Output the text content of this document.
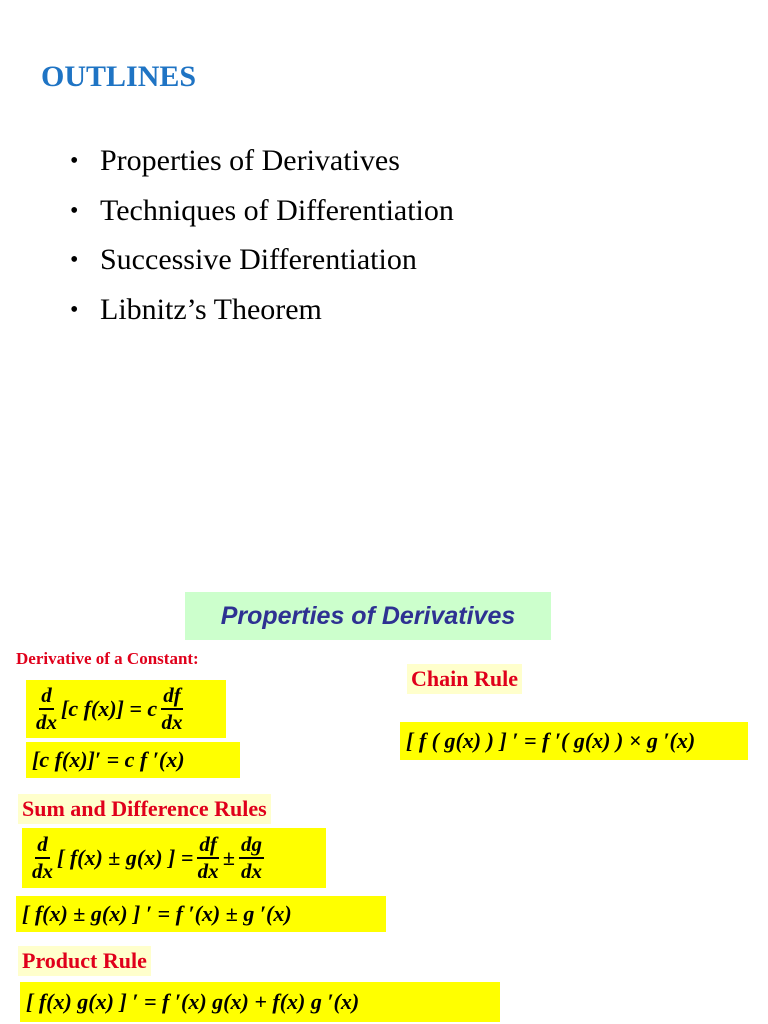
OUTLINES
• Properties of Derivatives
• Techniques of Differentiation
• Successive Differentiation
• Libnitz’s Theorem
Properties of Derivatives
Derivative of a Constant:
$\frac{d}{dx} [c$ f(x)] = c $\frac{df}{dx}$
[c f(x)]′ = c f ′(x)
Chain Rule
[ f ( g(x) ) ] ′ = f ′( g(x) ) × g ′(x)
Sum and Difference Rules
$\frac{d}{dx}$ [ f(x) ± g(x) ] = $\frac{df}{dx} \pm \frac{dg}{dx}$
[ f(x) ± g(x) ] ′ = f ′(x) ± g ′(x)
Product Rule
[ f(x) g(x) ] ′ = f ′(x) g(x) + f(x) g ′(x)
